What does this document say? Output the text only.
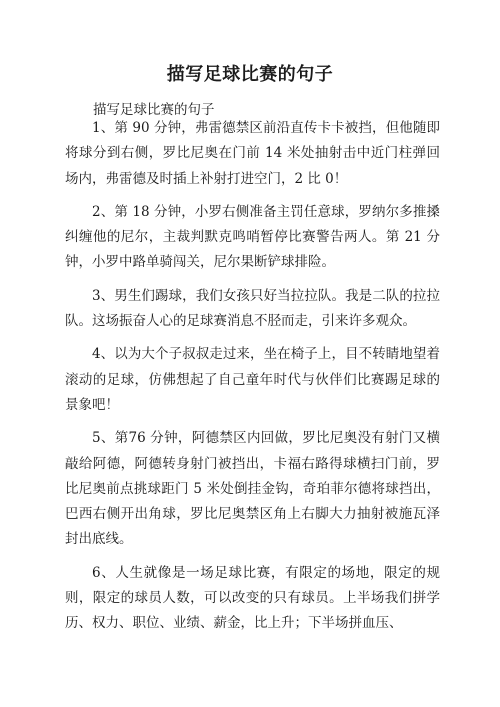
描写足球比赛的句子
描写足球比赛的句子

1、第 90 分钟，弗雷德禁区前沿直传卡卡被挡，但他随即将球分到右侧，罗比尼奥在门前 14 米处抽射击中近门柱弹回场内，弗雷德及时插上补射打进空门，2 比 0！

2、第 18 分钟，小罗右侧准备主罚任意球，罗纳尔多推搡纠缠他的尼尔，主裁判默克鸣哨暂停比赛警告两人。第 21 分钟，小罗中路单骑闯关，尼尔果断铲球排险。

3、男生们踢球，我们女孩只好当拉拉队。我是二队的拉拉队。这场振奋人心的足球赛消息不胫而走，引来许多观众。

4、以为大个子叔叔走过来，坐在椅子上，目不转睛地望着滚动的足球，仿佛想起了自己童年时代与伙伴们比赛踢足球的景象吧！

5、第76 分钟，阿德禁区内回做，罗比尼奥没有射门又横敲给阿德，阿德转身射门被挡出，卡福右路得球横扫门前，罗比尼奥前点挑球距门 5 米处倒挂金钩，奇珀菲尔德将球挡出，巴西右侧开出角球，罗比尼奥禁区角上右脚大力抽射被施瓦泽封出底线。

6、人生就像是一场足球比赛，有限定的场地，限定的规则，限定的球员人数，可以改变的只有球员。上半场我们拼学历、权力、职位、业绩、薪金，比上升；下半场拼血压、
